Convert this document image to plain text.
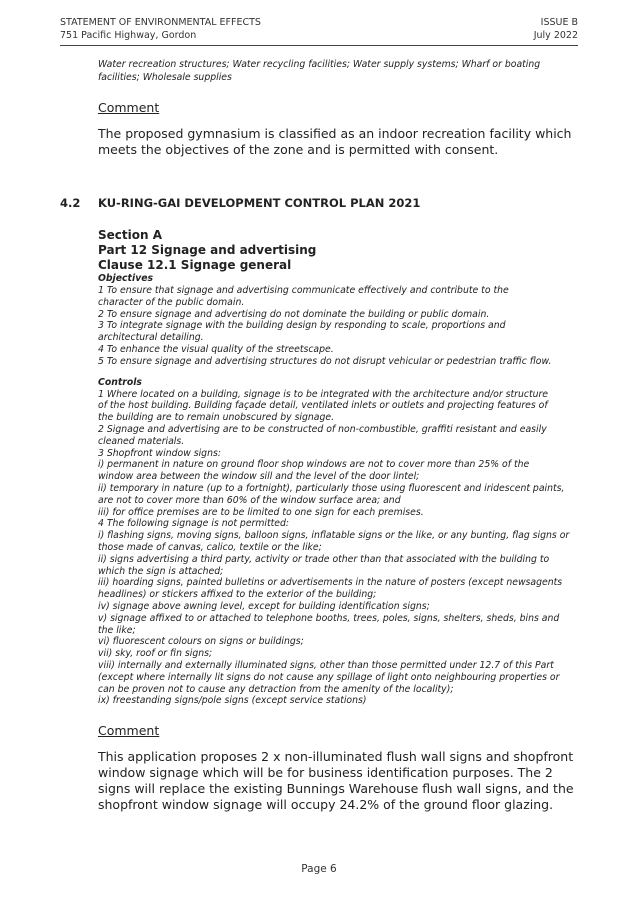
STATEMENT OF ENVIRONMENTAL EFFECTS
751 Pacific Highway, Gordon
ISSUE B
July 2022

Water recreation structures; Water recycling facilities; Water supply systems; Wharf or boating facilities; Wholesale supplies

Comment

The proposed gymnasium is classified as an indoor recreation facility which meets the objectives of the zone and is permitted with consent.

4.2 KU-RING-GAI DEVELOPMENT CONTROL PLAN 2021

Section A

Part 12 Signage and advertising

Clause 12.1 Signage general

Objectives

1 To ensure that signage and advertising communicate effectively and contribute to the
character of the public domain.
2 To ensure signage and advertising do not dominate the building or public domain.
3 To integrate signage with the building design by responding to scale, proportions and
architectural detailing.
4 To enhance the visual quality of the streetscape.
5 To ensure signage and advertising structures do not disrupt vehicular or pedestrian traffic flow.

Controls

1 Where located on a building, signage is to be integrated with the architecture and/or structure
of the host building. Building façade detail, ventilated inlets or outlets and projecting features of
the building are to remain unobscured by signage.
2 Signage and advertising are to be constructed of non-combustible, graffiti resistant and easily
cleaned materials.
3 Shopfront window signs:
i) permanent in nature on ground floor shop windows are not to cover more than 25% of the
window area between the window sill and the level of the door lintel;
ii) temporary in nature (up to a fortnight), particularly those using fluorescent and iridescent paints,
are not to cover more than 60% of the window surface area; and
iii) for office premises are to be limited to one sign for each premises.
4 The following signage is not permitted:
i) flashing signs, moving signs, balloon signs, inflatable signs or the like, or any bunting, flag signs or
those made of canvas, calico, textile or the like;
ii) signs advertising a third party, activity or trade other than that associated with the building to
which the sign is attached;
iii) hoarding signs, painted bulletins or advertisements in the nature of posters (except newsagents
headlines) or stickers affixed to the exterior of the building;
iv) signage above awning level, except for building identification signs;
v) signage affixed to or attached to telephone booths, trees, poles, signs, shelters, sheds, bins and
the like;
vi) fluorescent colours on signs or buildings;
vii) sky, roof or fin signs;
viii) internally and externally illuminated signs, other than those permitted under 12.7 of this Part
(except where internally lit signs do not cause any spillage of light onto neighbouring properties or
can be proven not to cause any detraction from the amenity of the locality);
ix) freestanding signs/pole signs (except service stations)

Comment

This application proposes 2 x non-illuminated flush wall signs and shopfront window signage which will be for business identification purposes. The 2 signs will replace the existing Bunnings Warehouse flush wall signs, and the shopfront window signage will occupy 24.2% of the ground floor glazing.

Page 6
